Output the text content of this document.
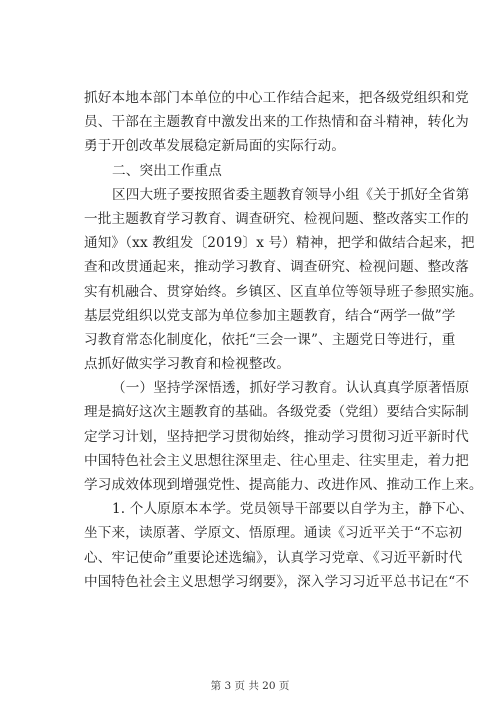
抓好本地本部门本单位的中心工作结合起来，把各级党组织和党
员、干部在主题教育中激发出来的工作热情和奋斗精神，转化为
勇于开创改革发展稳定新局面的实际行动。
二、突出工作重点
区四大班子要按照省委主题教育领导小组《关于抓好全省第
一批主题教育学习教育、调查研究、检视问题、整改落实工作的
通知》（xx 教组发〔2019〕x 号）精神，把学和做结合起来，把
查和改贯通起来，推动学习教育、调查研究、检视问题、整改落
实有机融合、贯穿始终。乡镇区、区直单位等领导班子参照实施。
基层党组织以党支部为单位参加主题教育，结合“两学一做”学
习教育常态化制度化，依托“三会一课”、主题党日等进行，重
点抓好做实学习教育和检视整改。
（一）坚持学深悟透，抓好学习教育。认认真真学原著悟原
理是搞好这次主题教育的基础。各级党委（党组）要结合实际制
定学习计划，坚持把学习贯彻始终，推动学习贯彻习近平新时代
中国特色社会主义思想往深里走、往心里走、往实里走，着力把
学习成效体现到增强党性、提高能力、改进作风、推动工作上来。
1. 个人原原本本学。党员领导干部要以自学为主，静下心、
坐下来，读原著、学原文、悟原理。通读《习近平关于“不忘初
心、牢记使命”重要论述选编》，认真学习党章、《习近平新时代
中国特色社会主义思想学习纲要》，深入学习习近平总书记在“不
第 3 页 共 20 页
